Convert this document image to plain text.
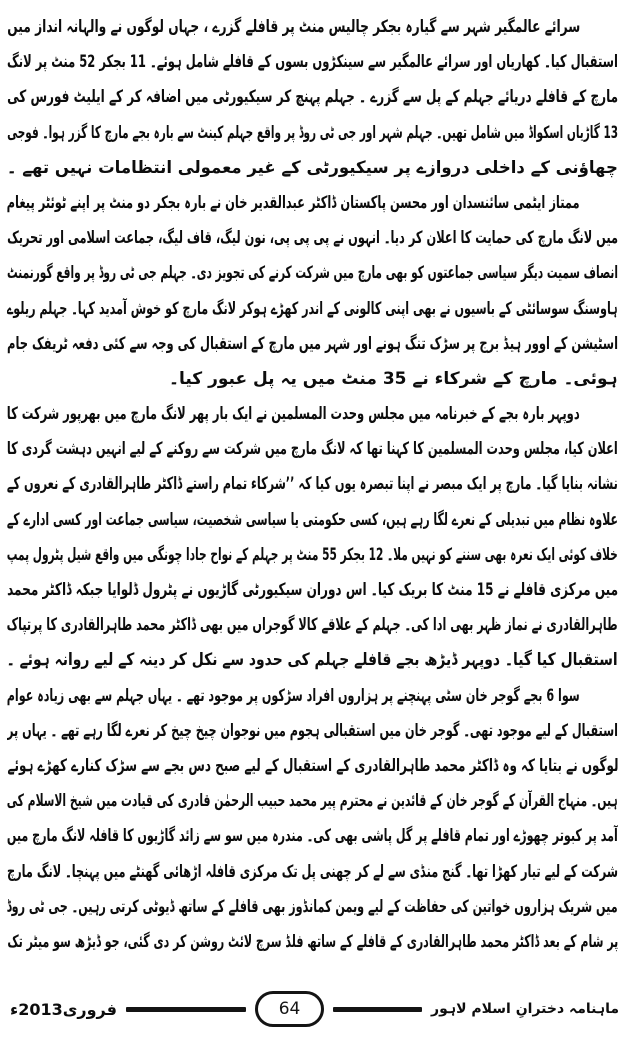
سرائے عالمگیر شہر سے گیارہ بجکر چالیس منٹ پر قافلے گزرے ، جہاں لوگوں نے والہانہ انداز میں
استقبال کیا۔ کھاریاں اور سرائے عالمگیر سے سینکڑوں بسوں کے قافلے شامل ہوئے۔ 11 بجکر 52 منٹ پر لانگ
مارچ کے قافلے دریائے جہلم کے پل سے گزرے ۔ جہلم پہنچ کر سیکیورٹی میں اضافہ کر کے ایلیٹ فورس کی
13 گاڑیاں اسکواڈ میں شامل تھیں۔ جہلم شہر اور جی ٹی روڈ پر واقع جہلم کینٹ سے بارہ بجے مارچ کا گزر ہوا۔ فوجی
چھاؤنی کے داخلی دروازے پر سیکیورٹی کے غیر معمولی انتظامات نہیں تھے ۔
ممتاز ایٹمی سائنسدان اور محسن پاکستان ڈاکٹر عبدالقدیر خان نے بارہ بجکر دو منٹ پر اپنے ٹوئٹر پیغام
میں لانگ مارچ کی حمایت کا اعلان کر دیا۔ انہوں نے پی پی پی، نون لیگ، قاف لیگ، جماعت اسلامی اور تحریک
انصاف سمیت دیگر سیاسی جماعتوں کو بھی مارچ میں شرکت کرنے کی تجویز دی۔ جہلم جی ٹی روڈ پر واقع گورنمنٹ
ہاوسنگ سوسائٹی کے باسیوں نے بھی اپنی کالونی کے اندر کھڑے ہوکر لانگ مارچ کو خوش آمدید کہا۔ جہلم ریلوے
اسٹیشن کے اوور ہیڈ برج پر سڑک تنگ ہونے اور شہر میں مارچ کے استقبال کی وجہ سے کئی دفعہ ٹریفک جام
ہوئی۔ مارچ کے شرکاء نے 35 منٹ میں یہ پل عبور کیا۔
دوپہر بارہ بجے کے خبرنامہ میں مجلس وحدت المسلمین نے ایک بار پھر لانگ مارچ میں بھرپور شرکت کا
اعلان کیا، مجلس وحدت المسلمین کا کہنا تھا کہ لانگ مارچ میں شرکت سے روکنے کے لیے انہیں دہشت گردی کا
نشانہ بنایا گیا۔ مارچ پر ایک مبصر نے اپنا تبصرہ یوں کیا کہ ’’شرکاء تمام راستے ڈاکٹر طاہرالقادری کے نعروں کے
علاوہ نظام میں تبدیلی کے نعرے لگا رہے ہیں، کسی حکومتی یا سیاسی شخصیت، سیاسی جماعت اور کسی ادارے کے
خلاف کوئی ایک نعرہ بھی سننے کو نہیں ملا۔ 12 بجکر 55 منٹ پر جہلم کے نواح جادا چونگی میں واقع شیل پٹرول پمپ
میں مرکزی قافلے نے 15 منٹ کا بریک کیا۔ اس دوران سیکیورٹی گاڑیوں نے پٹرول ڈلوایا جبکہ ڈاکٹر محمد
طاہرالقادری نے نماز ظہر بھی ادا کی۔ جہلم کے علاقے کالا گوجراں میں بھی ڈاکٹر محمد طاہرالقادری کا پرتپاک
استقبال کیا گیا۔ دوپہر ڈیڑھ بجے قافلے جہلم کی حدود سے نکل کر دینہ کے لیے روانہ ہوئے ۔
سوا 6 بجے گوجر خان سٹی پہنچنے پر ہزاروں افراد سڑکوں پر موجود تھے ۔ یہاں جہلم سے بھی زیادہ عوام
استقبال کے لیے موجود تھی۔ گوجر خان میں استقبالی ہجوم میں نوجوان چیخ چیخ کر نعرے لگا رہے تھے ۔ یہاں پر
لوگوں نے بتایا کہ وہ ڈاکٹر محمد طاہرالقادری کے استقبال کے لیے صبح دس بجے سے سڑک کنارے کھڑے ہوئے
ہیں۔ منہاج القرآن کے گوجر خان کے قائدین نے محترم پیر محمد حبیب الرحمٰن قادری کی قیادت میں شیخ الاسلام کی
آمد پر کبوتر چھوڑے اور تمام قافلے پر گل پاشی بھی کی۔ مندرہ میں سو سے زائد گاڑیوں کا قافلہ لانگ مارچ میں
شرکت کے لیے تیار کھڑا تھا۔ گنج منڈی سے لے کر چھنی پل تک مرکزی قافلہ اڑھائی گھنٹے میں پہنچا۔ لانگ مارچ
میں شریک ہزاروں خواتین کی حفاظت کے لیے ویمن کمانڈوز بھی قافلے کے ساتھ ڈیوٹی کرتی رہیں۔ جی ٹی روڈ
پر شام کے بعد ڈاکٹر محمد طاہرالقادری کے قافلے کے ساتھ فلڈ سرچ لائٹ روشن کر دی گئی، جو ڈیڑھ سو میٹر تک
فروری2013ء	64	ماہنامہ دخترانِ اسلام لاہور
